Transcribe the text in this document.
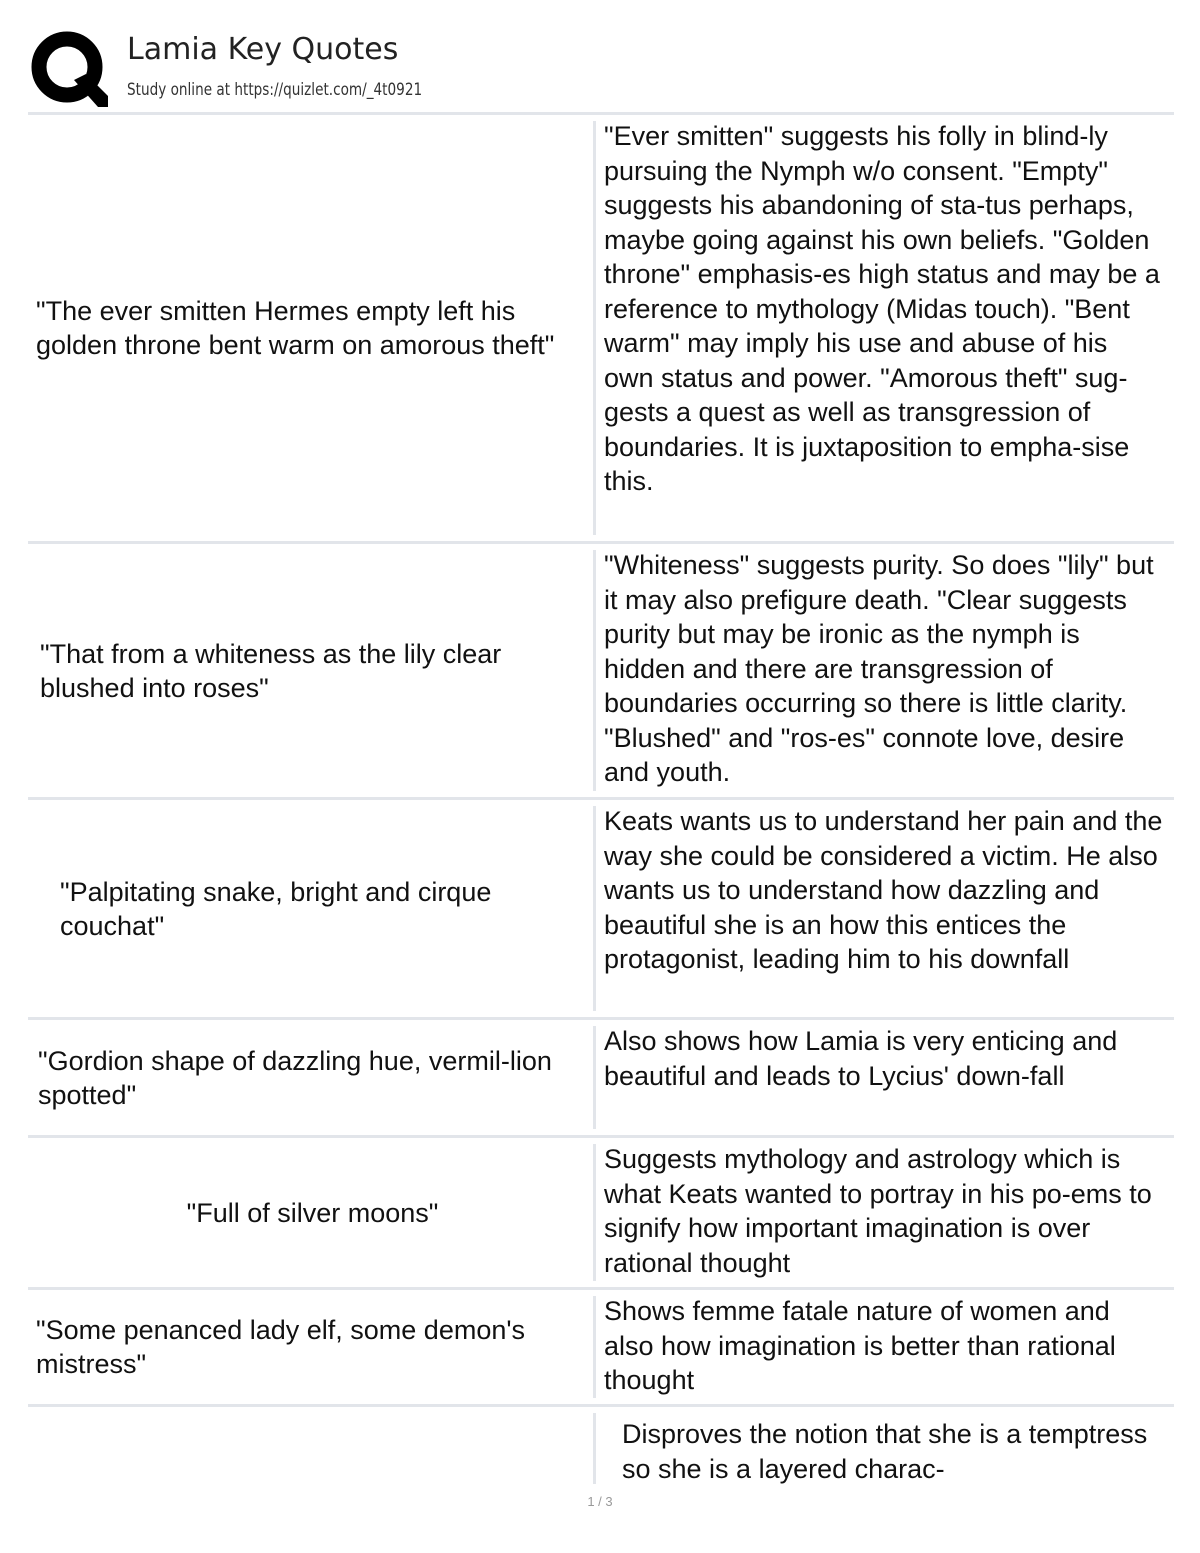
Lamia Key Quotes
Study online at https://quizlet.com/_4t0921
"The ever smitten Hermes empty left his golden throne bent warm on amorous theft"
"Ever smitten" suggests his folly in blind-ly pursuing the Nymph w/o consent. "Empty" suggests his abandoning of sta-tus perhaps, maybe going against his own beliefs. "Golden throne" emphasis-es high status and may be a reference to mythology (Midas touch). "Bent warm" may imply his use and abuse of his own status and power. "Amorous theft" sug-gests a quest as well as transgression of boundaries. It is juxtaposition to empha-sise this.
"That from a whiteness as the lily clear blushed into roses"
"Whiteness" suggests purity. So does "lily" but it may also prefigure death. "Clear suggests purity but may be ironic as the nymph is hidden and there are transgression of boundaries occurring so there is little clarity. "Blushed" and "ros-es" connote love, desire and youth.
"Palpitating snake, bright and cirque couchat"
Keats wants us to understand her pain and the way she could be considered a victim. He also wants us to understand how dazzling and beautiful she is an how this entices the protagonist, leading him to his downfall
"Gordion shape of dazzling hue, vermil-lion spotted"
Also shows how Lamia is very enticing and beautiful and leads to Lycius' down-fall
"Full of silver moons"
Suggests mythology and astrology which is what Keats wanted to portray in his po-ems to signify how important imagination is over rational thought
"Some penanced lady elf, some demon's mistress"
Shows femme fatale nature of women and also how imagination is better than rational thought
Disproves the notion that she is a temptress so she is a layered charac-
1 / 3
